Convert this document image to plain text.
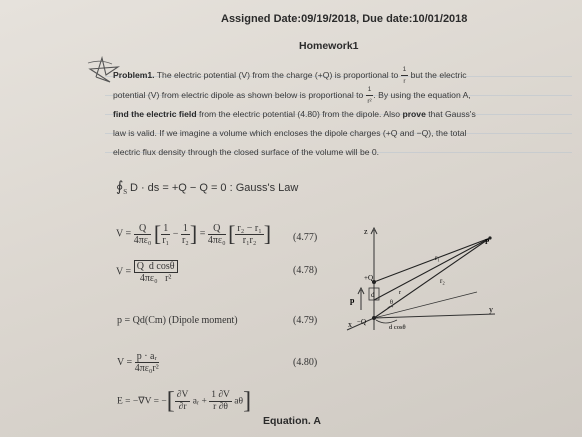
Assigned Date:09/19/2018, Due date:10/01/2018
Homework1
Problem1. The electric potential (V) from the charge (+Q) is proportional to $\frac{1}{r}$ but the electric
potential (V) from electric dipole as shown below is proportional to $\frac{1}{\text{r²}}$ . By using the equation A,
find the electric field from the electric potential (4.80) from the dipole. Also prove that Gauss's
law is valid. If we imagine a volume which encloses the dipole charges (+Q and −Q), the total
electric flux density through the closed surface of the volume will be 0.
$∮_S$ D · ds = +Q − Q = 0 : Gauss's Law
$V = \frac{Q}{\text{4πε₀}}$ [ $\frac{1}{\text{r₁}} - \frac{1}{\text{r₂}}$ ] = $\frac{Q}{\text{4πε₀}}$ [ $\frac{\text{r₂ − r₁}}{\text{r₁r₂}}$ ] (4.77)
$V = \frac{\text{Q  d cosθ}}{\text{4πε₀   r²}}$	(4.78)
p = Qd(Cm) (Dipole moment)	(4.79)
$V = \frac{\text{p · aᵣ}}{\text{4πε₀r²}}$	(4.80)
E = −∇V = −[ $\frac{\partial V}{\partial r}$ aᵣ + $\frac{1 \partial V}{r \partial\theta} a\theta$]
Equation. A
z
y
x
P
r₁
r₂
r
θ
+Q
−Q
p
d
d cosθ
